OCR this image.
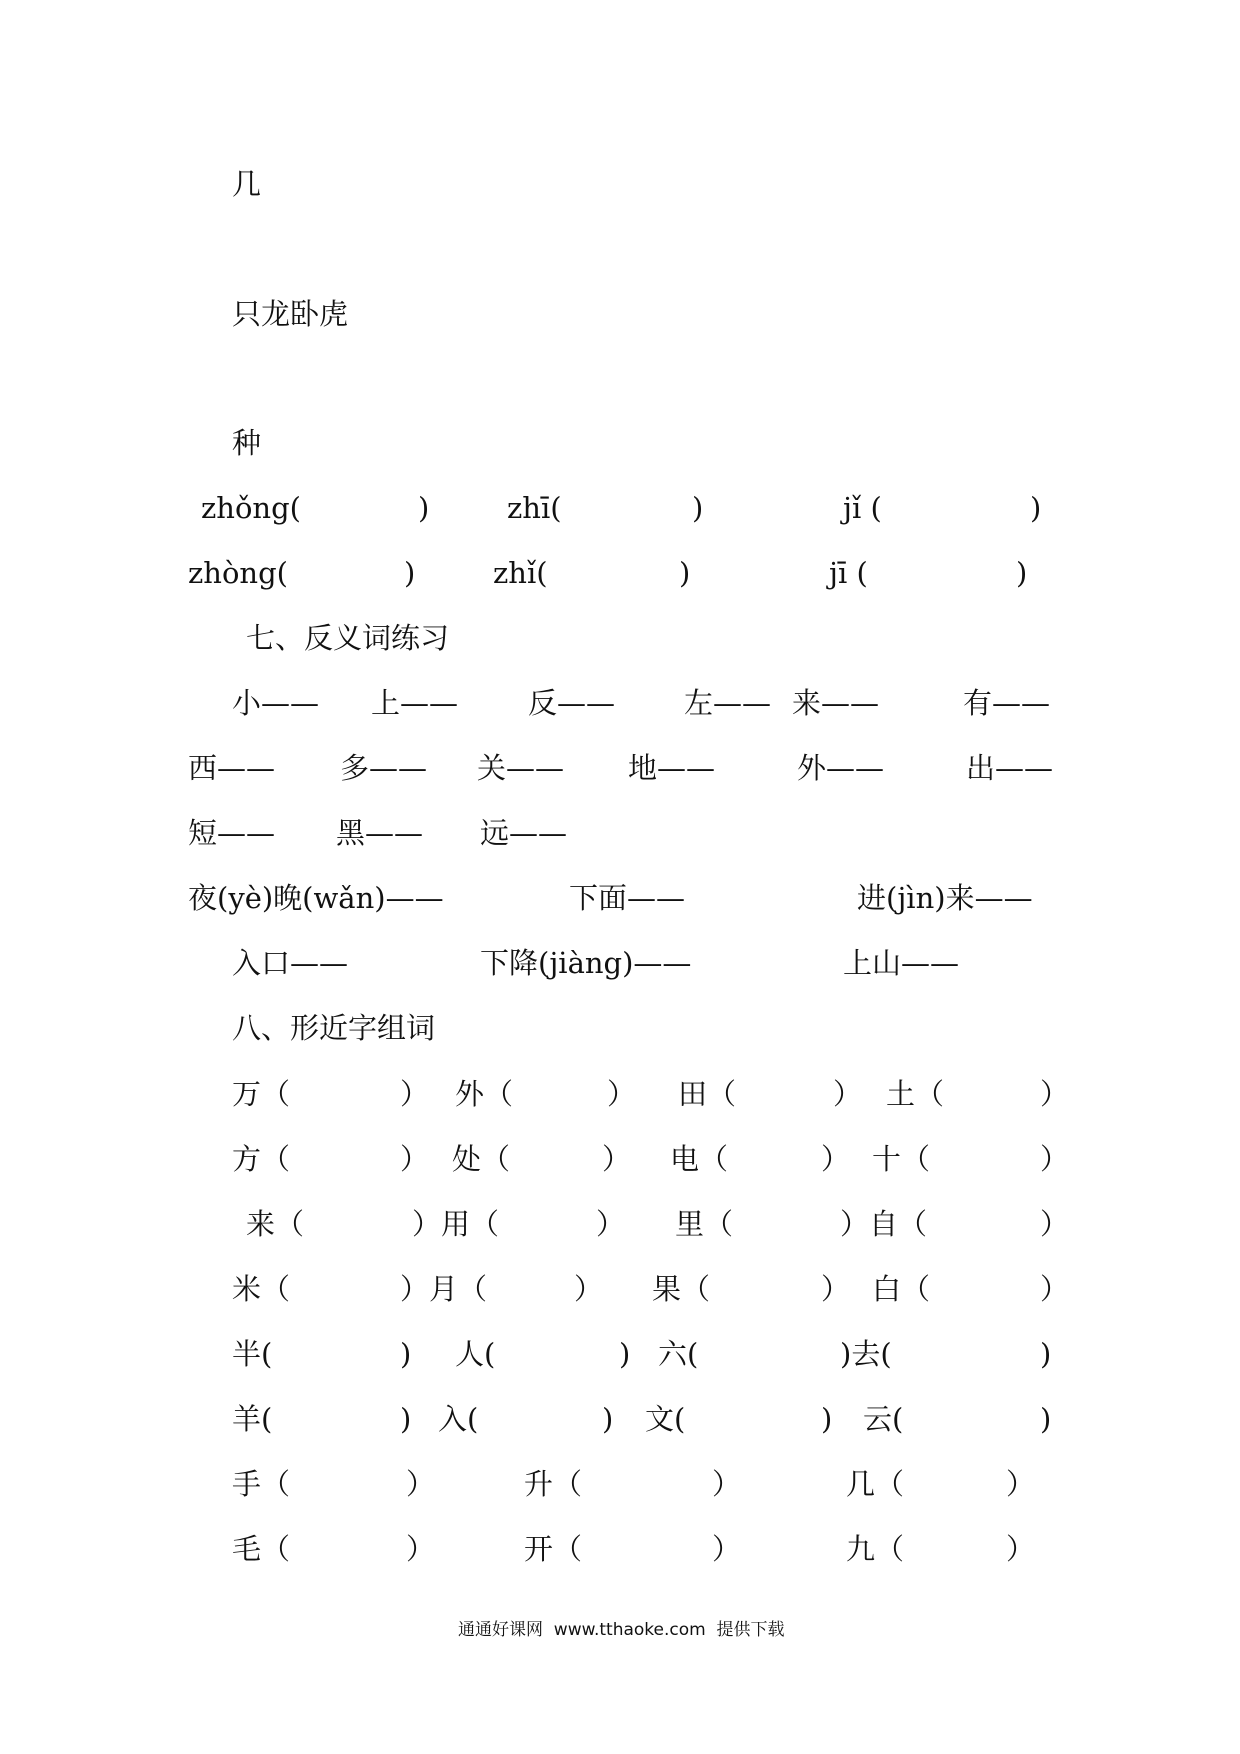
几
只龙卧虎
种
zhǒng(	)	zhī(	)	jǐ (	)
zhòng(	)	zhǐ(	)	jī (	)
七、反义词练习
小—— 上—— 反—— 左—— 来——	有——
西—— 多—— 关—— 地——	外——	出——
短—— 黑—— 远——
夜(yè)晚(wǎn)——	下面——	进(jìn)来——
入口——	下降(jiàng)——	上山——
八、形近字组词
万（	） 外（	） 田（	） 土（	）
方（	） 处（	） 电（	） 十（	）
来（	）用（	） 里（	）自（	）
米（	）月（	） 果（	） 白（	）
半(	) 人(	) 六(	)去(	)
羊(	) 入(	) 文(	) 云(	)
手（	）	升（	）	几（	）
毛（	）	开（	）	九（	）
通通好课网  www.tthaoke.com  提供下载
